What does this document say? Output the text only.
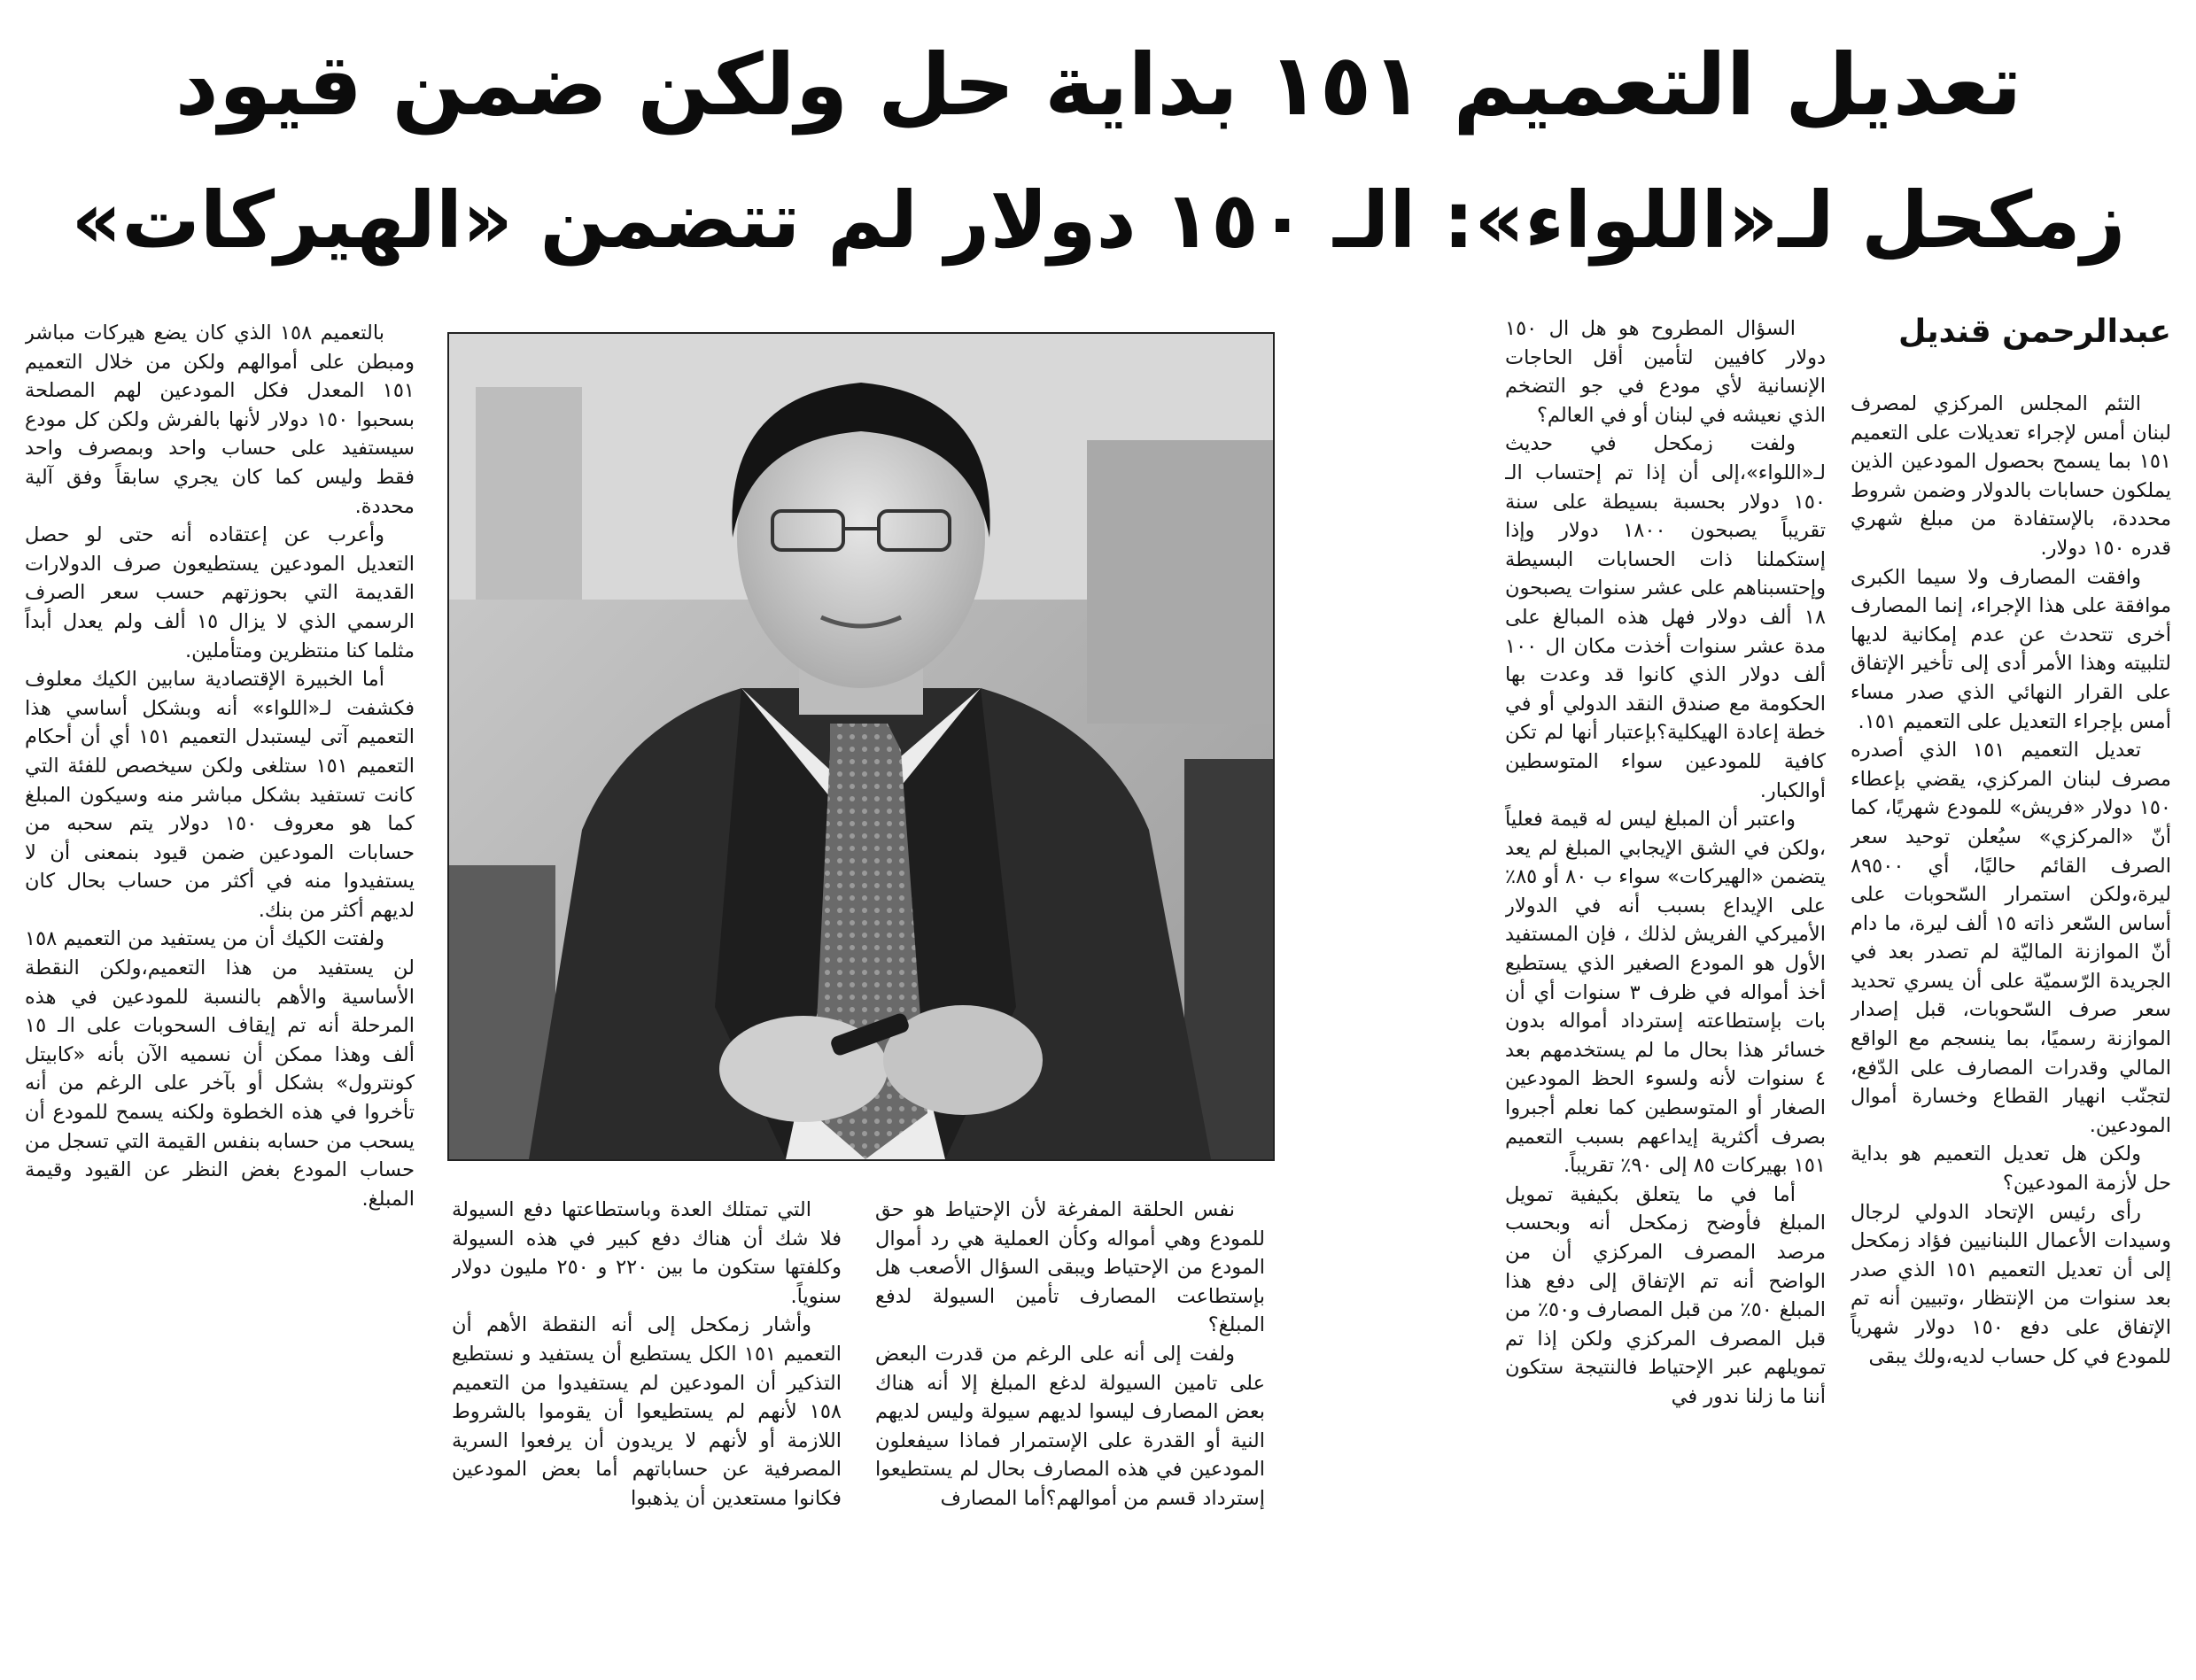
تعديل التعميم ١٥١ بداية حل ولكن ضمن قيود
زمكحل لـ«اللواء»: الـ ١٥٠ دولار لم تتضمن «الهيركات»
عبدالرحمن قنديل

التئم المجلس المركزي لمصرف لبنان أمس لإجراء تعديلات على التعميم ١٥١ بما يسمح بحصول المودعين الذين يملكون حسابات بالدولار وضمن شروط محددة، بالإستفادة من مبلغ شهري قدره ١٥٠ دولار.

وافقت المصارف ولا سيما الكبرى موافقة على هذا الإجراء، إنما المصارف أخرى تتحدث عن عدم إمكانية لديها لتلبيته وهذا الأمر أدى إلى تأخير الإتفاق على القرار النهائي الذي صدر مساء أمس بإجراء التعديل على التعميم ١٥١.

تعديل التعميم ١٥١ الذي أصدره مصرف لبنان المركزي، يقضي بإعطاء ١٥٠ دولار «فريش» للمودع شهريًا، كما أنّ «المركزي» سيُعلن توحيد سعر الصرف القائم حاليًا، أي ٨٩٥٠٠ ليرة،ولكن استمرار السّحوبات على أساس السّعر ذاته ١٥ ألف ليرة، ما دام أنّ الموازنة الماليّة لم تصدر بعد في الجريدة الرّسميّة على أن يسري تحديد سعر صرف السّحوبات، قبل إصدار الموازنة رسميًا، بما ينسجم مع الواقع المالي وقدرات المصارف على الدّفع، لتجنّب انهيار القطاع وخسارة أموال المودعين.

ولكن هل تعديل التعميم هو بداية حل لأزمة المودعين؟

رأى رئيس الإتحاد الدولي لرجال وسيدات الأعمال اللبنانيين فؤاد زمكحل إلى أن تعديل التعميم ١٥١ الذي صدر بعد سنوات من الإنتظار ،وتبيين أنه تم الإتفاق على دفع ١٥٠ دولار شهرياً للمودع في كل حساب لديه،ولك يبقى

السؤال المطروح هو هل ال ١٥٠ دولار كافيين لتأمين أقل الحاجات الإنسانية لأي مودع في جو التضخم الذي نعيشه في لبنان أو في العالم؟

ولفت زمكحل في حديث لـ«اللواء»،إلى أن إذا تم إحتساب الـ ١٥٠ دولار بحسبة بسيطة على سنة تقريباً يصبحون ١٨٠٠ دولار وإذا إستكملنا ذات الحسابات البسيطة وإحتسبناهم على عشر سنوات يصبحون ١٨ ألف دولار فهل هذه المبالغ على مدة عشر سنوات أخذت مكان ال ١٠٠ ألف دولار الذي كانوا قد وعدت بها الحكومة مع صندق النقد الدولي أو في خطة إعادة الهيكلية؟بإعتبار أنها لم تكن كافية للمودعين سواء المتوسطين أوالكبار.

واعتبر أن المبلغ ليس له قيمة فعلياً ،ولكن في الشق الإيجابي المبلغ لم يعد يتضمن «الهيركات» سواء ب ٨٠ أو ٨٥٪ على الإيداع بسبب أنه في الدولار الأميركي الفريش لذلك ، فإن المستفيد الأول هو المودع الصغير الذي يستطيع أخذ أمواله في ظرف ٣ سنوات أي أن بات بإستطاعته إسترداد أمواله بدون خسائر هذا بحال ما لم يستخدمهم بعد ٤ سنوات لأنه ولسوء الحظ المودعين الصغار أو المتوسطين كما نعلم أجبروا بصرف أكثرية إيداعهم بسبب التعميم ١٥١ بهيركات ٨٥ إلى ٩٠٪ تقريباً.

أما في ما يتعلق بكيفية تمويل المبلغ فأوضح زمكحل أنه وبحسب مرصد المصرف المركزي أن من الواضح أنه تم الإتفاق إلى دفع هذا المبلغ ٥٠٪ من قبل المصارف و٥٠٪ من قبل المصرف المركزي ولكن إذا تم تمويلهم عبر الإحتياط فالنتيجة ستكون أننا ما زلنا ندور في

نفس الحلقة المفرغة لأن الإحتياط هو حق للمودع وهي أمواله وكأن العملية هي رد أموال المودع من الإحتياط ويبقى السؤال الأصعب هل بإستطاعت المصارف تأمين السيولة لدفع المبلغ؟

ولفت إلى أنه على الرغم من قدرت البعض على تامين السيولة لدغع المبلغ إلا أنه هناك بعض المصارف ليسوا لديهم سيولة وليس لديهم النية أو القدرة على الإستمرار فماذا سيفعلون المودعين في هذه المصارف بحال لم يستطيعوا إسترداد قسم من أموالهم؟أما المصارف

التي تمتلك العدة وباستطاعتها دفع السيولة فلا شك أن هناك دفع كبير في هذه السيولة وكلفتها ستكون ما بين ٢٢٠ و ٢٥٠ مليون دولار سنوياً.

وأشار زمكحل إلى أنه النقطة الأهم أن التعميم ١٥١ الكل يستطيع أن يستفيد و نستطيع التذكير أن المودعين لم يستفيدوا من التعميم ١٥٨ لأنهم لم يستطيعوا أن يقوموا بالشروط اللازمة أو لأنهم لا يريدون أن يرفعوا السرية المصرفية عن حساباتهم أما بعض المودعين فكانوا مستعدين أن يذهبوا

بالتعميم ١٥٨ الذي كان يضع هيركات مباشر ومبطن على أموالهم ولكن من خلال التعميم ١٥١ المعدل فكل المودعين لهم المصلحة بسحبوا ١٥٠ دولار لأنها بالفرش ولكن كل مودع سيستفيد على حساب واحد وبمصرف واحد فقط وليس كما كان يجري سابقاً وفق آلية محددة.

وأعرب عن إعتقاده أنه حتى لو حصل التعديل المودعين يستطيعون صرف الدولارات القديمة التي بحوزتهم حسب سعر الصرف الرسمي الذي لا يزال ١٥ ألف ولم يعدل أبداً مثلما كنا منتظرين ومتأملين.

أما الخبيرة الإقتصادية سابين الكيك معلوف فكشفت لـ«اللواء» أنه وبشكل أساسي هذا التعميم آتى ليستبدل التعميم ١٥١ أي أن أحكام التعميم ١٥١ ستلغى ولكن سيخصص للفئة التي كانت تستفيد بشكل مباشر منه وسيكون المبلغ كما هو معروف ١٥٠ دولار يتم سحبه من حسابات المودعين ضمن قيود بنمعنى أن لا يستفيدوا منه في أكثر من حساب بحال كان لديهم أكثر من بنك.

ولفتت الكيك أن من يستفيد من التعميم ١٥٨ لن يستفيد من هذا التعميم،ولكن النقطة الأساسية والأهم بالنسبة للمودعين في هذه المرحلة أنه تم إيقاف السحوبات على الـ ١٥ ألف وهذا ممكن أن نسميه الآن بأنه «كابيتل كونترول» بشكل أو بآخر على الرغم من أنه تأخروا في هذه الخطوة ولكنه يسمح للمودع أن يسحب من حسابه بنفس القيمة التي تسجل من حساب المودع بغض النظر عن القيود وقيمة المبلغ.
